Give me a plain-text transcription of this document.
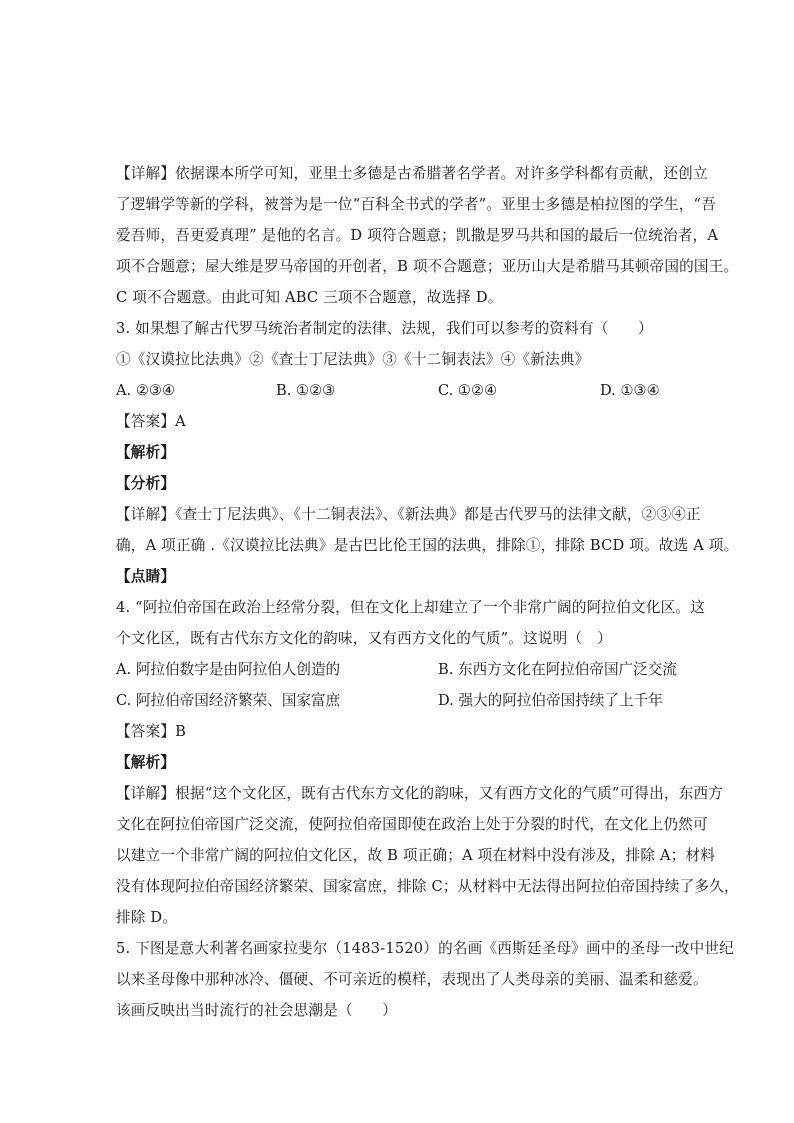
【详解】依据课本所学可知，亚里士多德是古希腊著名学者。对许多学科都有贡献，还创立
了逻辑学等新的学科，被誉为是一位“百科全书式的学者”。亚里士多德是柏拉图的学生，“吾
爱吾师，吾更爱真理” 是他的名言。D 项符合题意；凯撒是罗马共和国的最后一位统治者，A
项不合题意；屋大维是罗马帝国的开创者，B 项不合题意；亚历山大是希腊马其顿帝国的国王。
C 项不合题意。由此可知 ABC 三项不合题意，故选择 D。
3. 如果想了解古代罗马统治者制定的法律、法规，我们可以参考的资料有（　　）
①《汉谟拉比法典》②《查士丁尼法典》③《十二铜表法》④《新法典》
A. ②③④	B. ①②③	C. ①②④	D. ①③④
【答案】A
【解析】
【分析】
【详解】《查士丁尼法典》、《十二铜表法》、《新法典》都是古代罗马的法律文献，②③④正
确，A 项正确 .《汉谟拉比法典》是古巴比伦王国的法典，排除①，排除 BCD 项。故选 A 项。
【点睛】
4. “阿拉伯帝国在政治上经常分裂，但在文化上却建立了一个非常广阔的阿拉伯文化区。这
个文化区，既有古代东方文化的韵味，又有西方文化的气质”。这说明（　）
A. 阿拉伯数字是由阿拉伯人创造的	B. 东西方文化在阿拉伯帝国广泛交流
C. 阿拉伯帝国经济繁荣、国家富庶	D. 强大的阿拉伯帝国持续了上千年
【答案】B
【解析】
【详解】根据“这个文化区，既有古代东方文化的韵味，又有西方文化的气质”可得出，东西方
文化在阿拉伯帝国广泛交流，使阿拉伯帝国即使在政治上处于分裂的时代，在文化上仍然可
以建立一个非常广阔的阿拉伯文化区，故 B 项正确；A 项在材料中没有涉及，排除 A；材料
没有体现阿拉伯帝国经济繁荣、国家富庶，排除 C；从材料中无法得出阿拉伯帝国持续了多久，
排除 D。
5. 下图是意大利著名画家拉斐尔（1483-1520）的名画《西斯廷圣母》画中的圣母一改中世纪
以来圣母像中那种冰冷、僵硬、不可亲近的模样，表现出了人类母亲的美丽、温柔和慈爱。
该画反映出当时流行的社会思潮是（　　）
